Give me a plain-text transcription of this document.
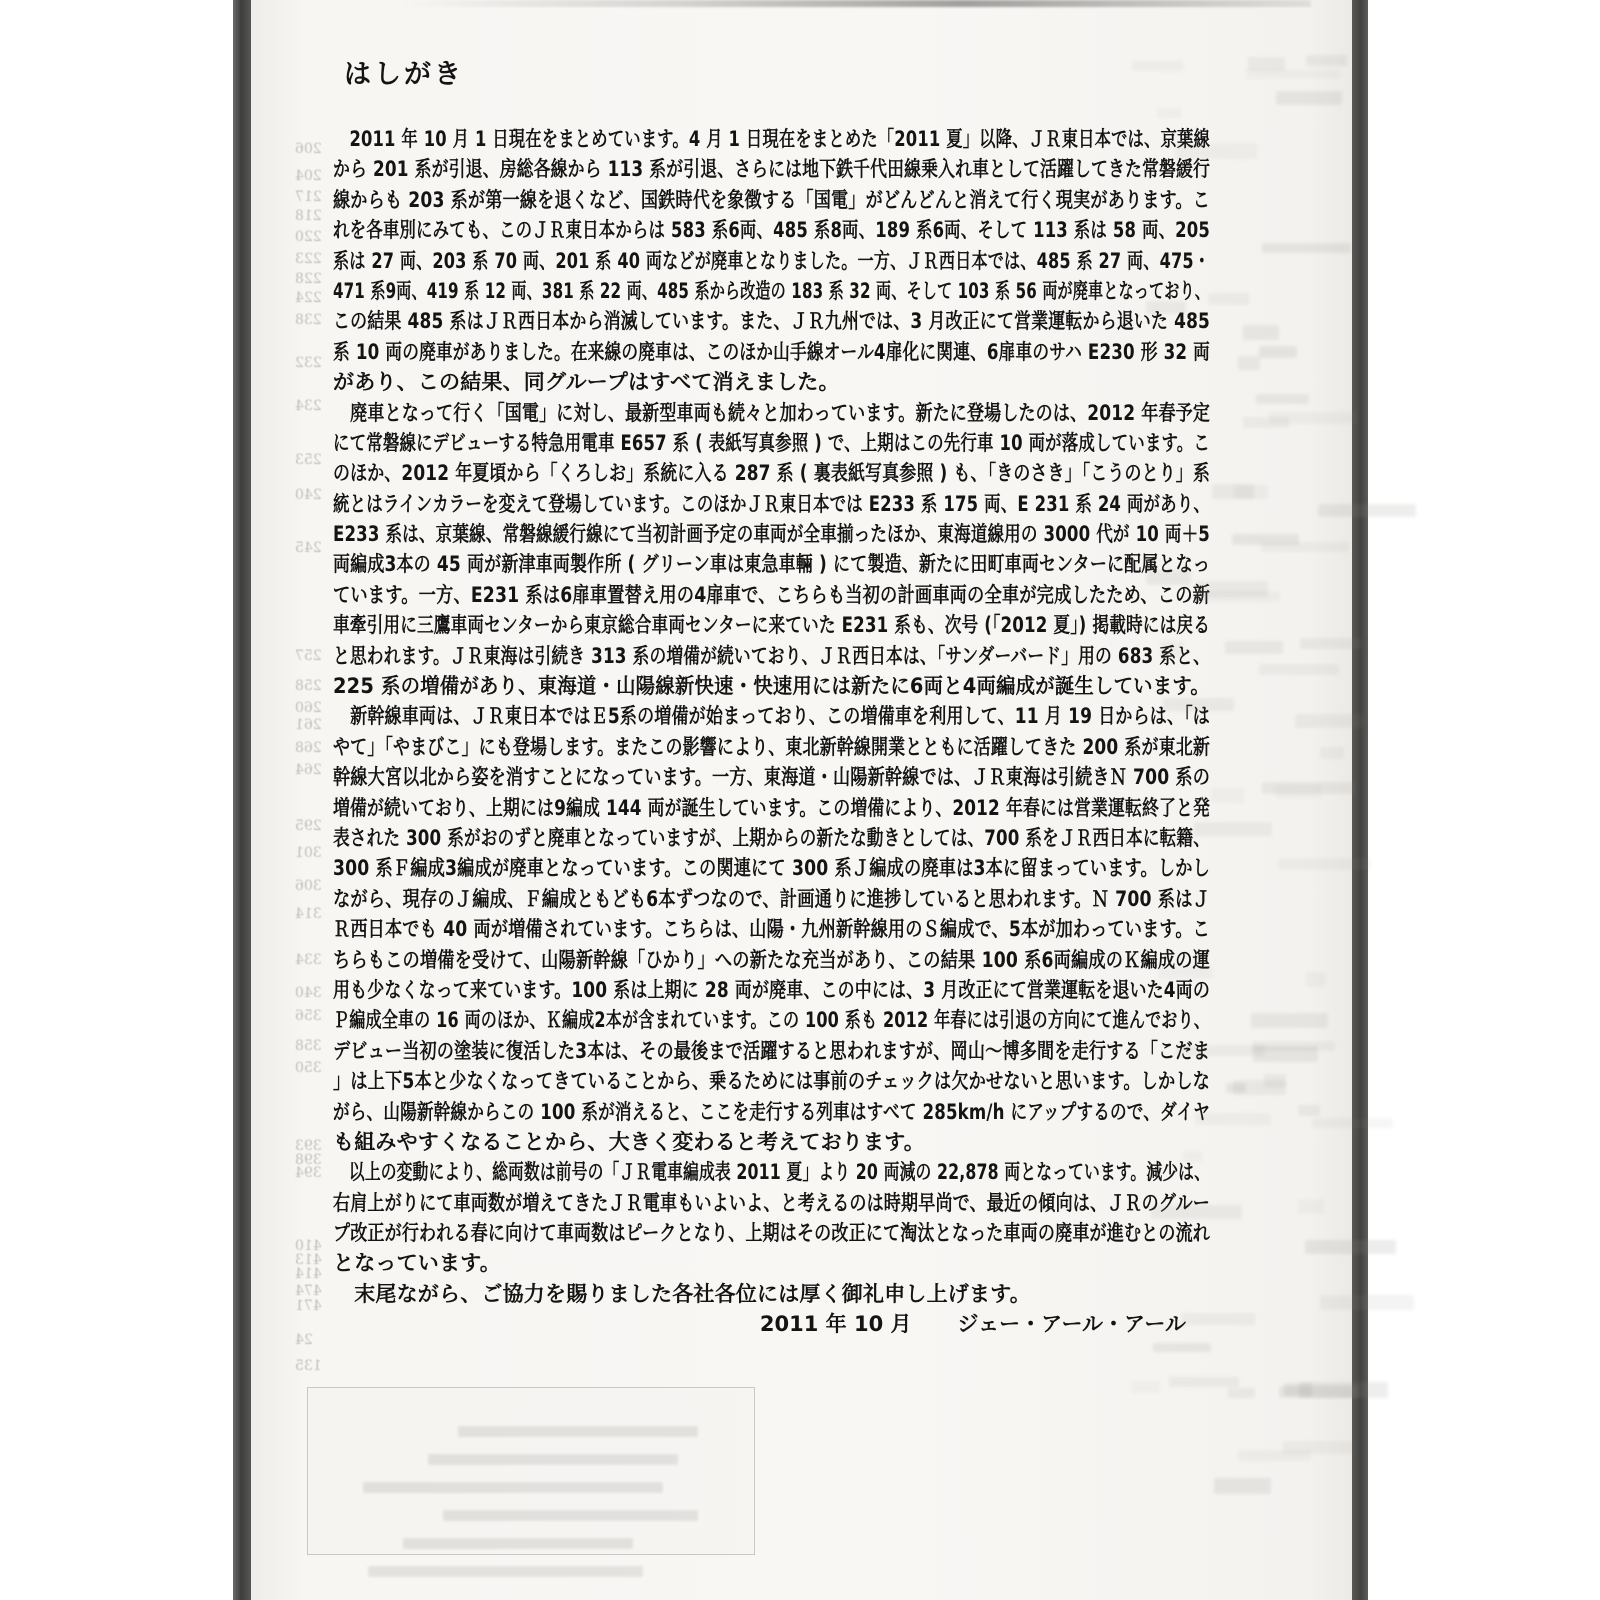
はしがき
　2011 年 10 月 1 日現在をまとめています。4 月 1 日現在をまとめた「2011 夏」以降、ＪＲ東日本では、京葉線
から 201 系が引退、房総各線から 113 系が引退、さらには地下鉄千代田線乗入れ車として活躍してきた常磐緩行
線からも 203 系が第一線を退くなど、国鉄時代を象徴する「国電」がどんどんと消えて行く現実があります。こ
れを各車別にみても、このＪＲ東日本からは 583 系6両、485 系8両、189 系6両、そして 113 系は 58 両、205
系は 27 両、203 系 70 両、201 系 40 両などが廃車となりました。一方、ＪＲ西日本では、485 系 27 両、475・
471 系9両、419 系 12 両、381 系 22 両、485 系から改造の 183 系 32 両、そして 103 系 56 両が廃車となっており、
この結果 485 系はＪＲ西日本から消滅しています。また、ＪＲ九州では、3 月改正にて営業運転から退いた 485
系 10 両の廃車がありました。在来線の廃車は、このほか山手線オール4扉化に関連、6扉車のサハ E230 形 32 両
があり、この結果、同グループはすべて消えました。
　廃車となって行く「国電」に対し、最新型車両も続々と加わっています。新たに登場したのは、2012 年春予定
にて常磐線にデビューする特急用電車 E657 系 ( 表紙写真参照 ) で、上期はこの先行車 10 両が落成しています。こ
のほか、2012 年夏頃から「くろしお」系統に入る 287 系 ( 裏表紙写真参照 ) も、「きのさき」「こうのとり」系
統とはラインカラーを変えて登場しています。このほかＪＲ東日本では E233 系 175 両、E 231 系 24 両があり、
E233 系は、京葉線、常磐線緩行線にて当初計画予定の車両が全車揃ったほか、東海道線用の 3000 代が 10 両＋5
両編成3本の 45 両が新津車両製作所 ( グリーン車は東急車輛 ) にて製造、新たに田町車両センターに配属となっ
ています。一方、E231 系は6扉車置替え用の4扉車で、こちらも当初の計画車両の全車が完成したため、この新
車牽引用に三鷹車両センターから東京総合車両センターに来ていた E231 系も、次号 (「2012 夏」) 掲載時には戻る
と思われます。ＪＲ東海は引続き 313 系の増備が続いており、ＪＲ西日本は、「サンダーバード」用の 683 系と、
225 系の増備があり、東海道・山陽線新快速・快速用には新たに6両と4両編成が誕生しています。
　新幹線車両は、ＪＲ東日本ではＥ5系の増備が始まっており、この増備車を利用して、11 月 19 日からは、「は
やて」「やまびこ」にも登場します。またこの影響により、東北新幹線開業とともに活躍してきた 200 系が東北新
幹線大宮以北から姿を消すことになっています。一方、東海道・山陽新幹線では、ＪＲ東海は引続きＮ 700 系の
増備が続いており、上期には9編成 144 両が誕生しています。この増備により、2012 年春には営業運転終了と発
表された 300 系がおのずと廃車となっていますが、上期からの新たな動きとしては、700 系をＪＲ西日本に転籍、
300 系Ｆ編成3編成が廃車となっています。この関連にて 300 系Ｊ編成の廃車は3本に留まっています。しかし
ながら、現存のＪ編成、Ｆ編成ともども6本ずつなので、計画通りに進捗していると思われます。Ｎ 700 系はＪ
Ｒ西日本でも 40 両が増備されています。こちらは、山陽・九州新幹線用のＳ編成で、5本が加わっています。こ
ちらもこの増備を受けて、山陽新幹線「ひかり」への新たな充当があり、この結果 100 系6両編成のＫ編成の運
用も少なくなって来ています。100 系は上期に 28 両が廃車、この中には、3 月改正にて営業運転を退いた4両の
Ｐ編成全車の 16 両のほか、Ｋ編成2本が含まれています。この 100 系も 2012 年春には引退の方向にて進んでおり、
デビュー当初の塗装に復活した3本は、その最後まで活躍すると思われますが、岡山〜博多間を走行する「こだま
」は上下5本と少なくなってきていることから、乗るためには事前のチェックは欠かせないと思います。しかしな
がら、山陽新幹線からこの 100 系が消えると、ここを走行する列車はすべて 285km/h にアップするので、ダイヤ
も組みやすくなることから、大きく変わると考えております。
　以上の変動により、総両数は前号の「ＪＲ電車編成表 2011 夏」より 20 両減の 22,878 両となっています。減少は、
右肩上がりにて車両数が増えてきたＪＲ電車もいよいよ、と考えるのは時期早尚で、最近の傾向は、ＪＲのグルー
プ改正が行われる春に向けて車両数はピークとなり、上期はその改正にて淘汰となった車両の廃車が進むとの流れ
となっています。
　末尾ながら、ご協力を賜りました各社各位には厚く御礼申し上げます。
2011 年 10 月 ジェー・アール・アール
206
204
217
218
220
223
228
224
238
232
234
253
240
245
257
258
260
261
268
264
295
301
306
314
334
340
356
358
350
393
398
394
410
413
414
474
471
24
135
